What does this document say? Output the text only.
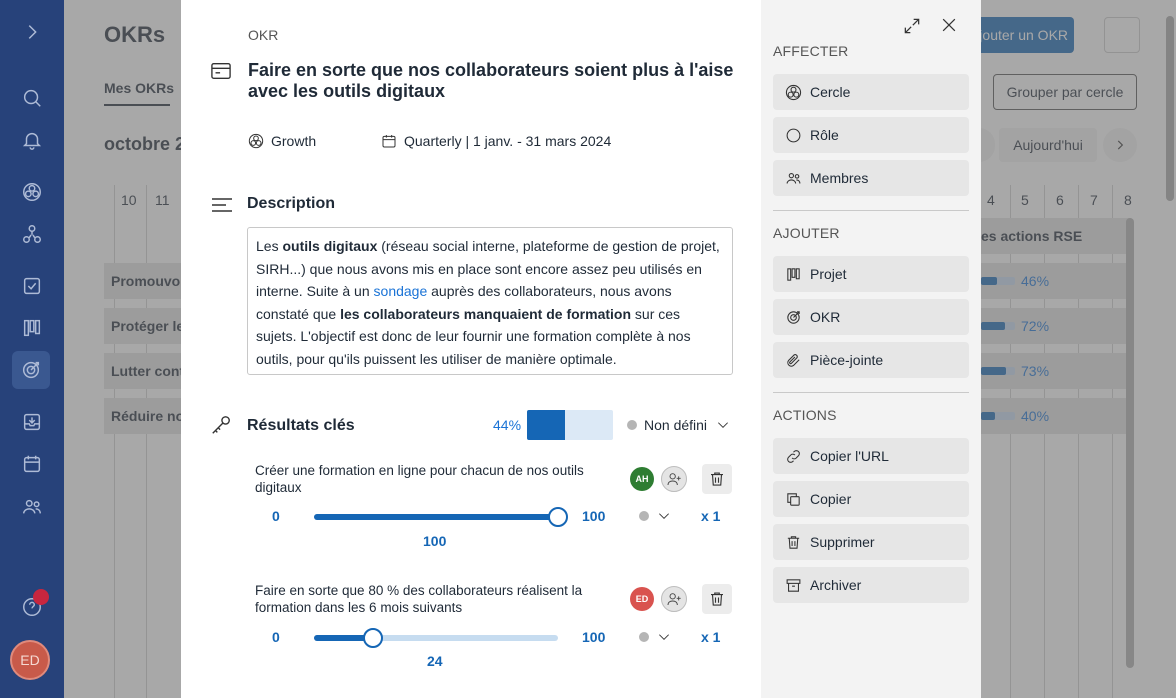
ED
OKR
Faire en sorte que nos collaborateurs soient plus à l'aise avec les outils digitaux
Growth	Quarterly | 1 janv. - 31 mars 2024
Description
Les outils digitaux (réseau social interne, plateforme de gestion de projet, SIRH...) que nous avons mis en place sont encore assez peu utilisés en interne. Suite à un sondage auprès des collaborateurs, nous avons constaté que les collaborateurs manquaient de formation sur ces sujets. L'objectif est donc de leur fournir une formation complète à nos outils, pour qu'ils puissent les utiliser de manière optimale.
Résultats clés	44%	Non défini
Créer une formation en ligne pour chacun de nos outils digitaux
AH
0	100
100
x 1
Faire en sorte que 80 % des collaborateurs réalisent la formation dans les 6 mois suivants
ED
0	100
24
x 1
AFFECTER
Cercle
Rôle
Membres
AJOUTER
Projet
OKR
Pièce-jointe
ACTIONS
Copier l'URL
Copier
Supprimer
Archiver
